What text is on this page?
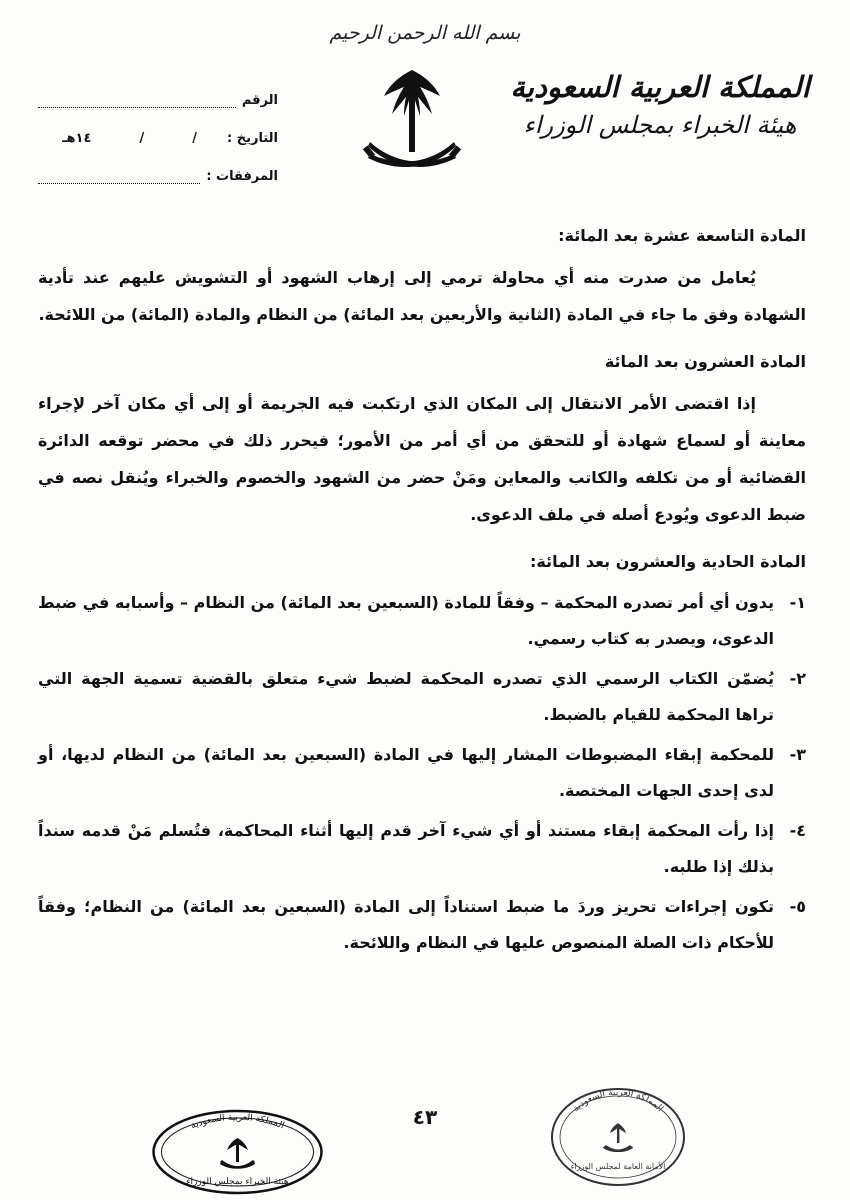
بسم الله الرحمن الرحيم
المملكة العربية السعودية
هيئة الخبراء بمجلس الوزراء
الرقم
التاريخ :
/
/
١٤هـ
المرفقات :
المادة التاسعة عشرة بعد المائة:

يُعامل من صدرت منه أي محاولة ترمي إلى إرهاب الشهود أو التشويش عليهم عند تأدية الشهادة وفق ما جاء في المادة (الثانية والأربعين بعد المائة) من النظام والمادة (المائة) من اللائحة.

المادة العشرون بعد المائة

إذا اقتضى الأمر الانتقال إلى المكان الذي ارتكبت فيه الجريمة أو إلى أي مكان آخر لإجراء معاينة أو لسماع شهادة أو للتحقق من أي أمر من الأمور؛ فيحرر ذلك في محضر توقعه الدائرة القضائية أو من تكلفه والكاتب والمعاين ومَنْ حضر من الشهود والخصوم والخبراء ويُنقل نصه في ضبط الدعوى ويُودع أصله في ملف الدعوى.

المادة الحادية والعشرون بعد المائة:
١-
يدون أي أمر تصدره المحكمة – وفقاً للمادة (السبعين بعد المائة) من النظام – وأسبابه في ضبط الدعوى، ويصدر به كتاب رسمي.
٢-
يُضمّن الكتاب الرسمي الذي تصدره المحكمة لضبط شيء متعلق بالقضية تسمية الجهة التي تراها المحكمة للقيام بالضبط.
٣-
للمحكمة إبقاء المضبوطات المشار إليها في المادة (السبعين بعد المائة) من النظام لديها، أو لدى إحدى الجهات المختصة.
٤-
إذا رأت المحكمة إبقاء مستند أو أي شيء آخر قدم إليها أثناء المحاكمة، فتُسلم مَنْ قدمه سنداً بذلك إذا طلبه.
٥-
تكون إجراءات تحريز وردَ ما ضبط استناداً إلى المادة (السبعين بعد المائة) من النظام؛ وفقاً للأحكام ذات الصلة المنصوص عليها في النظام واللائحة.
٤٣
المملكة العربية السعودية
هيئة الخبراء بمجلس الوزراء
المملكة العربية السعودية
الأمانة العامة لمجلس الوزراء
